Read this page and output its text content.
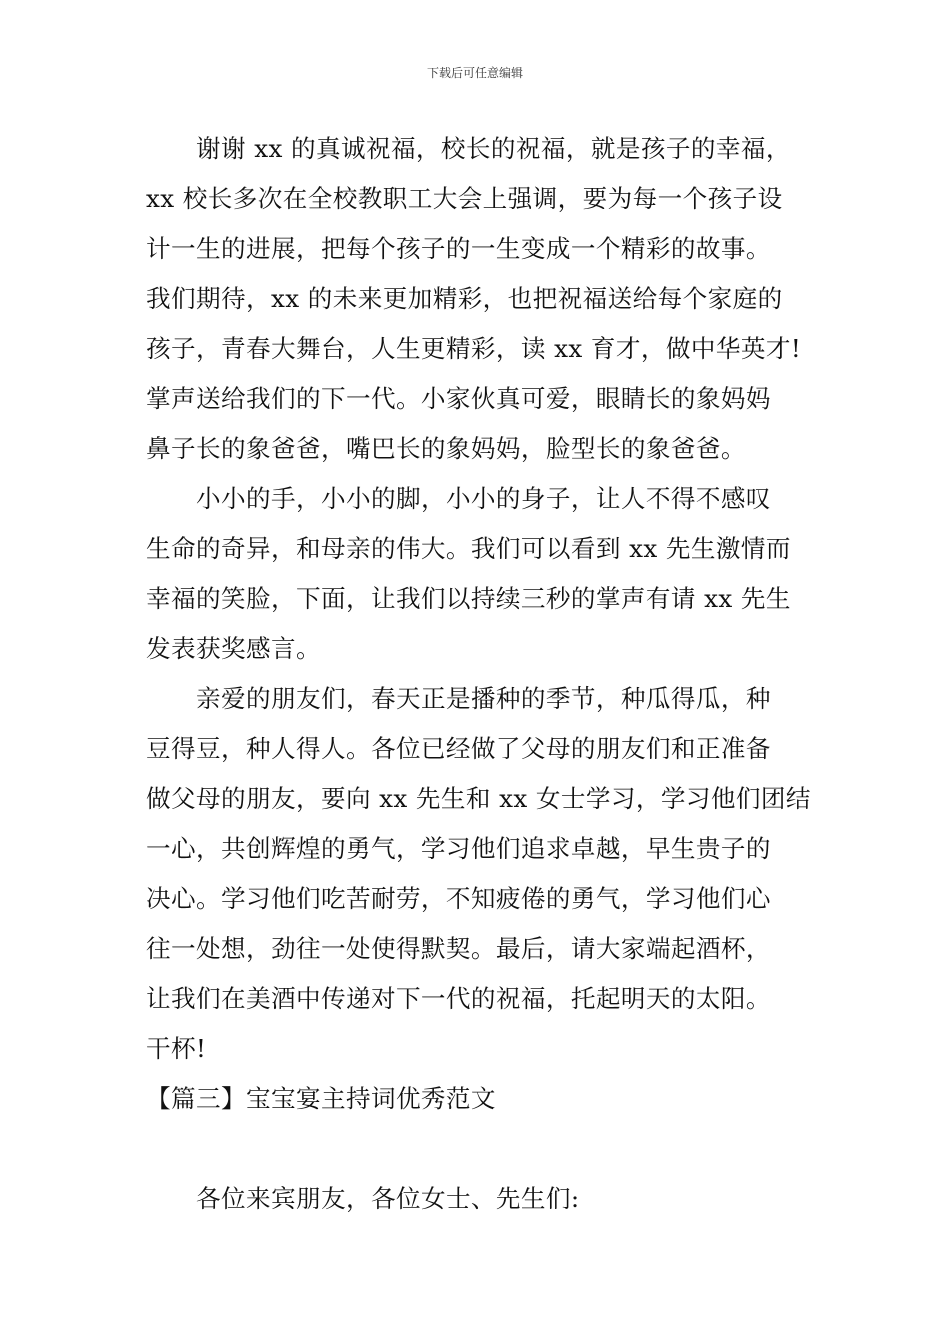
下载后可任意编辑
谢谢 xx 的真诚祝福，校长的祝福，就是孩子的幸福，
xx 校长多次在全校教职工大会上强调，要为每一个孩子设
计一生的进展，把每个孩子的一生变成一个精彩的故事。
我们期待，xx 的未来更加精彩，也把祝福送给每个家庭的
孩子，青春大舞台，人生更精彩，读 xx 育才，做中华英才!
掌声送给我们的下一代。小家伙真可爱，眼睛长的象妈妈
鼻子长的象爸爸，嘴巴长的象妈妈，脸型长的象爸爸。
小小的手，小小的脚，小小的身子，让人不得不感叹
生命的奇异，和母亲的伟大。我们可以看到 xx 先生激情而
幸福的笑脸，下面，让我们以持续三秒的掌声有请 xx 先生
发表获奖感言。
亲爱的朋友们，春天正是播种的季节，种瓜得瓜，种
豆得豆，种人得人。各位已经做了父母的朋友们和正准备
做父母的朋友，要向 xx 先生和 xx 女士学习，学习他们团结
一心，共创辉煌的勇气，学习他们追求卓越，早生贵子的
决心。学习他们吃苦耐劳，不知疲倦的勇气，学习他们心
往一处想，劲往一处使得默契。最后，请大家端起酒杯，
让我们在美酒中传递对下一代的祝福，托起明天的太阳。
干杯!
【篇三】宝宝宴主持词优秀范文
各位来宾朋友，各位女士、先生们:
